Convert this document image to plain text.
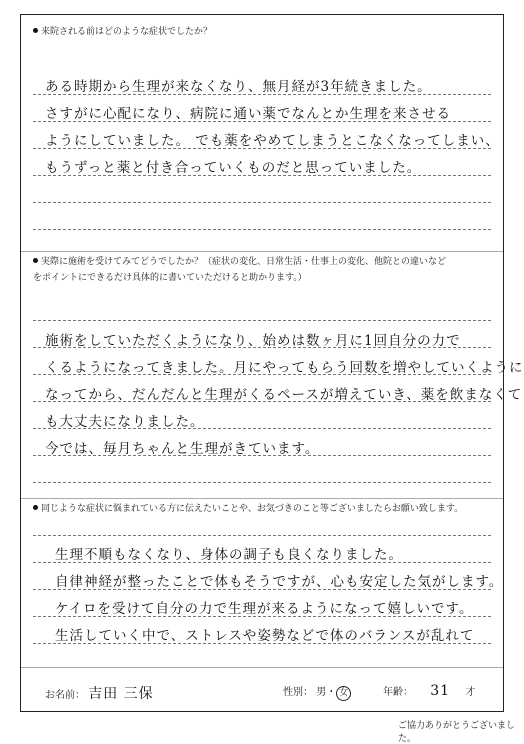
来院される前はどのような症状でしたか？
ある時期から生理が来なくなり、無月経が3年続きました。
さすがに心配になり、病院に通い薬でなんとか生理を来させる
ようにしていました。 でも薬をやめてしまうとこなくなってしまい、
もうずっと薬と付き合っていくものだと思っていました。
実際に施術を受けてみてどうでしたか？（症状の変化、日常生活・仕事上の変化、他院との違いなど
をポイントにできるだけ具体的に書いていただけると助かります。）
施術をしていただくようになり、始めは数ヶ月に1回自分の力で
くるようになってきました。月にやってもらう回数を増やしていくように
なってから、だんだんと生理がくるペースが増えていき、薬を飲まなくて
も大丈夫になりました。
今では、毎月ちゃんと生理がきています。
同じような症状に悩まれている方に伝えたいことや、お気づきのこと等ございましたらお願い致します。
生理不順もなくなり、身体の調子も良くなりました。
自律神経が整ったことで体もそうですが、心も安定した気がします。
ケイロを受けて自分の力で生理が来るようになって嬉しいです。
生活していく中で、ストレスや姿勢などで体のバランスが乱れて
お名前： 吉田 三保	性別： 男・ 女	年齢： 31 才
ご協力ありがとうございました。
